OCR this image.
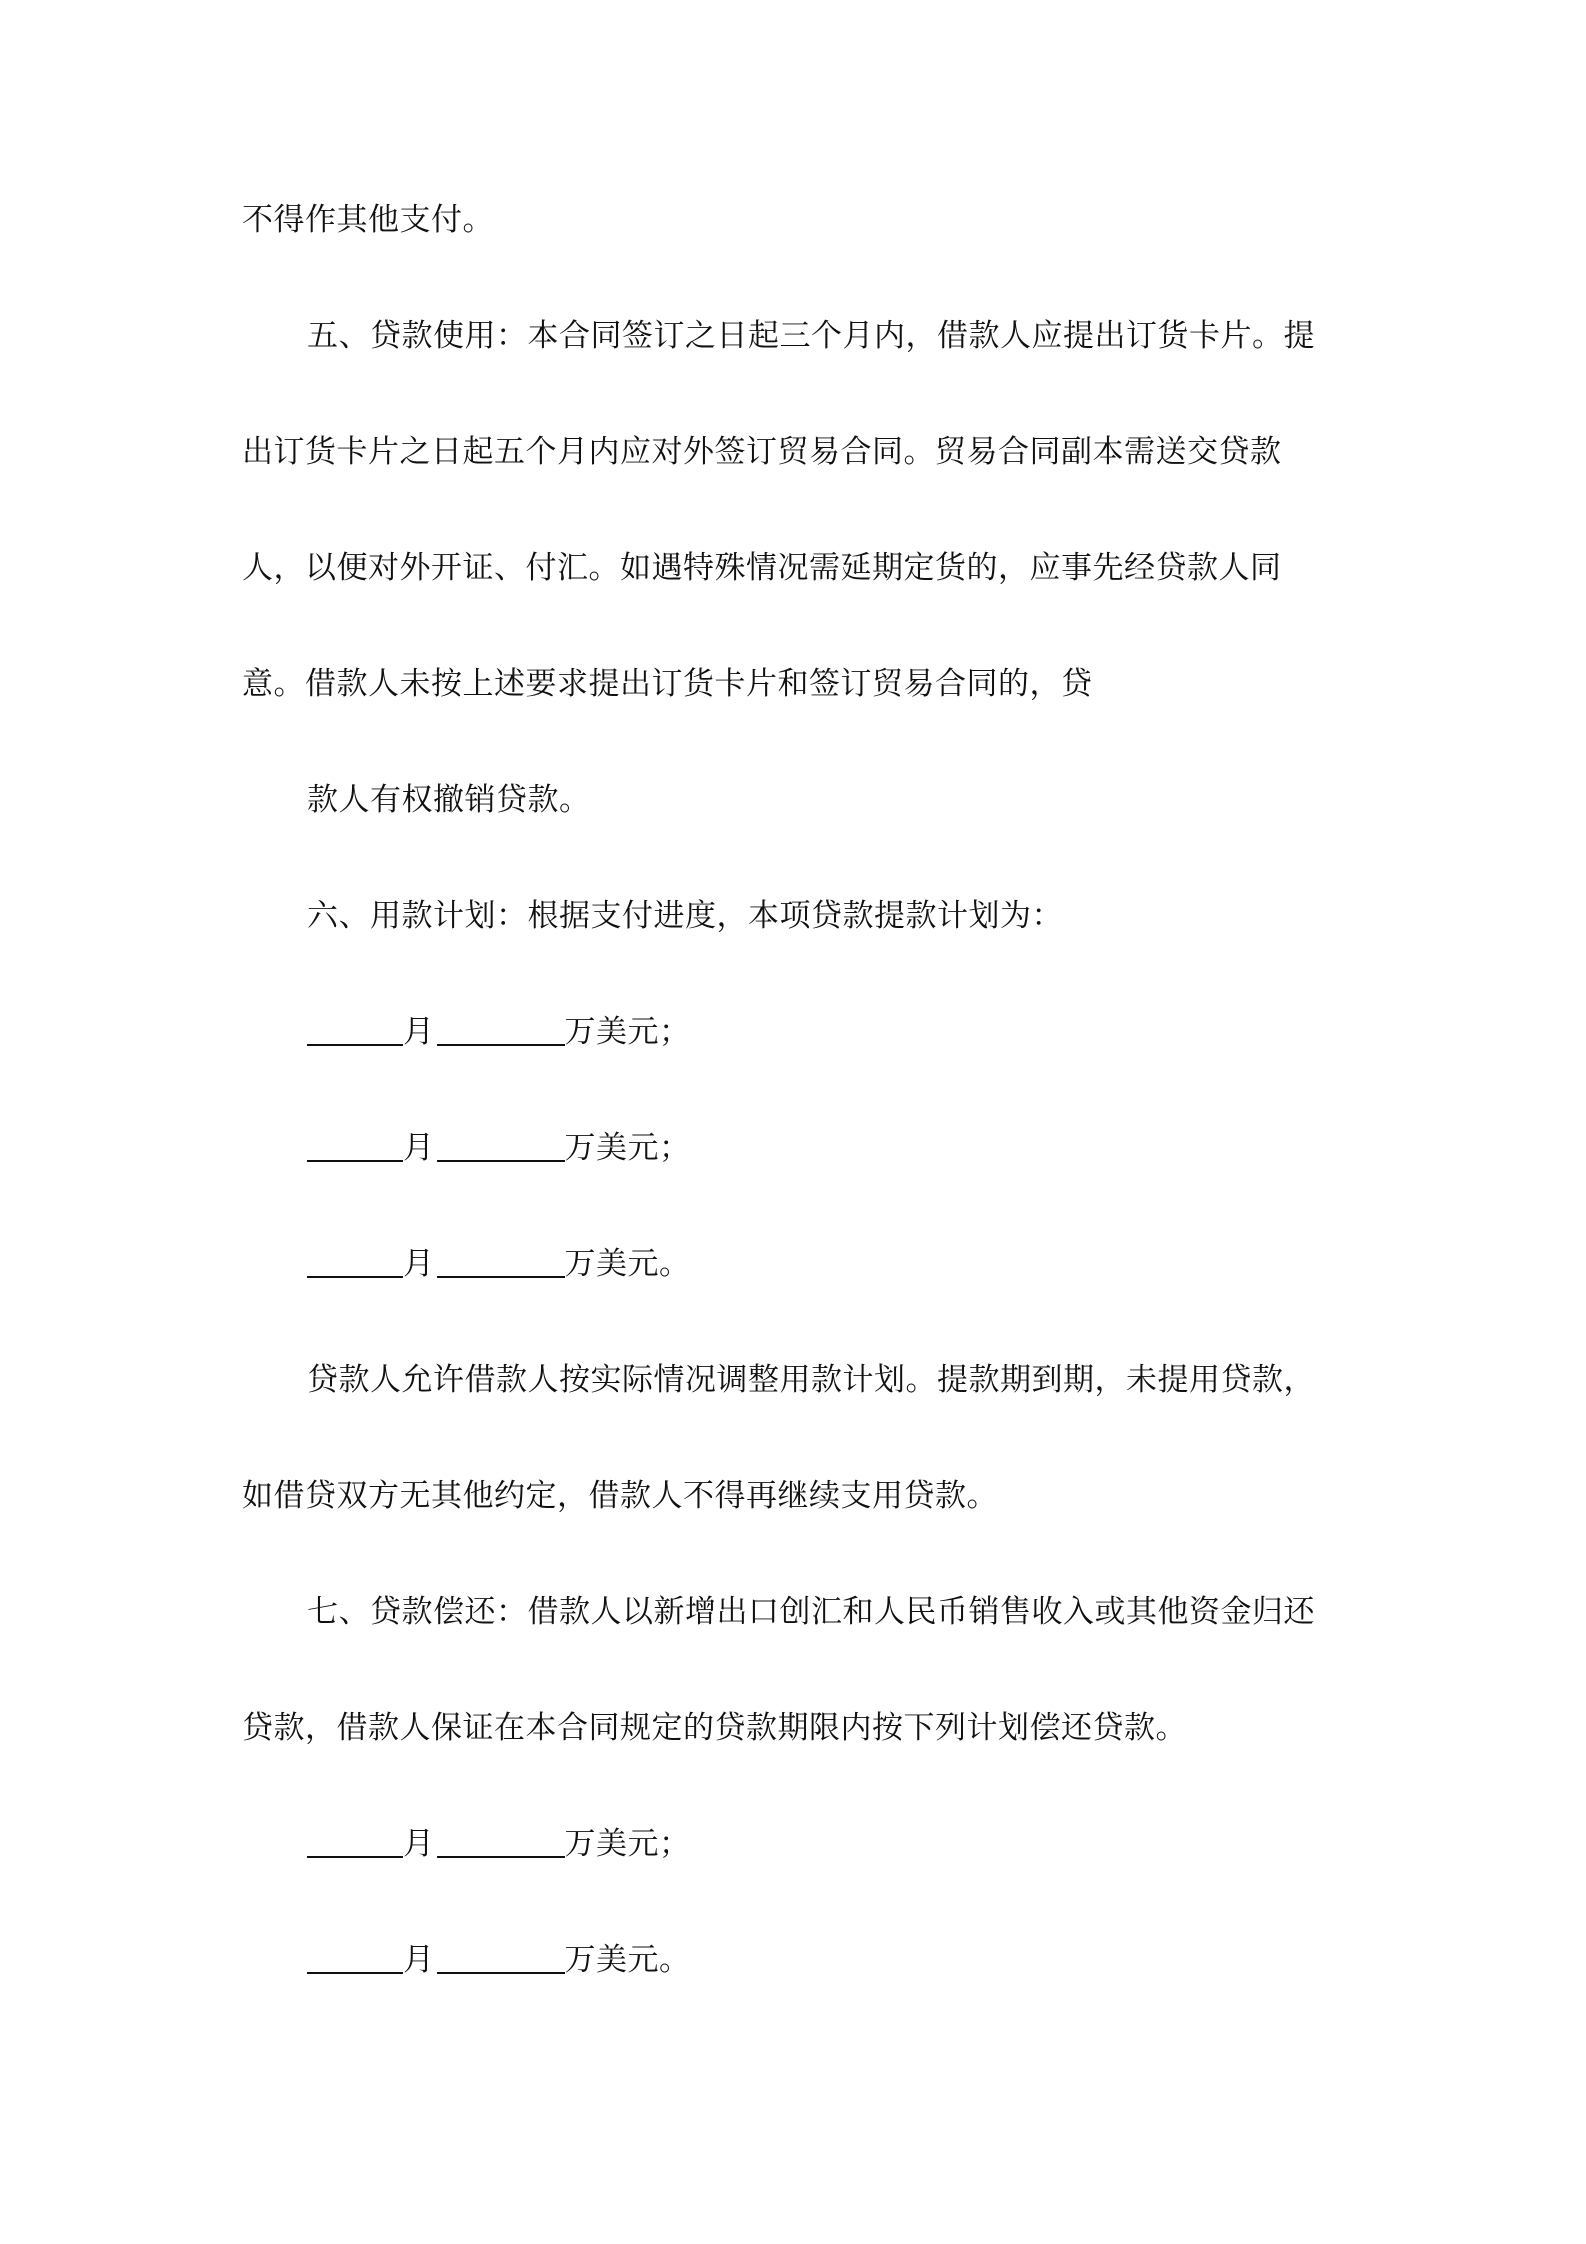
不得作其他支付。
五、贷款使用：本合同签订之日起三个月内，借款人应提出订货卡片。提
出订货卡片之日起五个月内应对外签订贸易合同。贸易合同副本需送交贷款
人，以便对外开证、付汇。如遇特殊情况需延期定货的，应事先经贷款人同
意。借款人未按上述要求提出订货卡片和签订贸易合同的，贷
款人有权撤销贷款。
六、用款计划：根据支付进度，本项贷款提款计划为：
月	万美元；
月	万美元；
月	万美元。
贷款人允许借款人按实际情况调整用款计划。提款期到期，未提用贷款，
如借贷双方无其他约定，借款人不得再继续支用贷款。
七、贷款偿还：借款人以新增出口创汇和人民币销售收入或其他资金归还
贷款，借款人保证在本合同规定的贷款期限内按下列计划偿还贷款。
月	万美元；
月	万美元。
